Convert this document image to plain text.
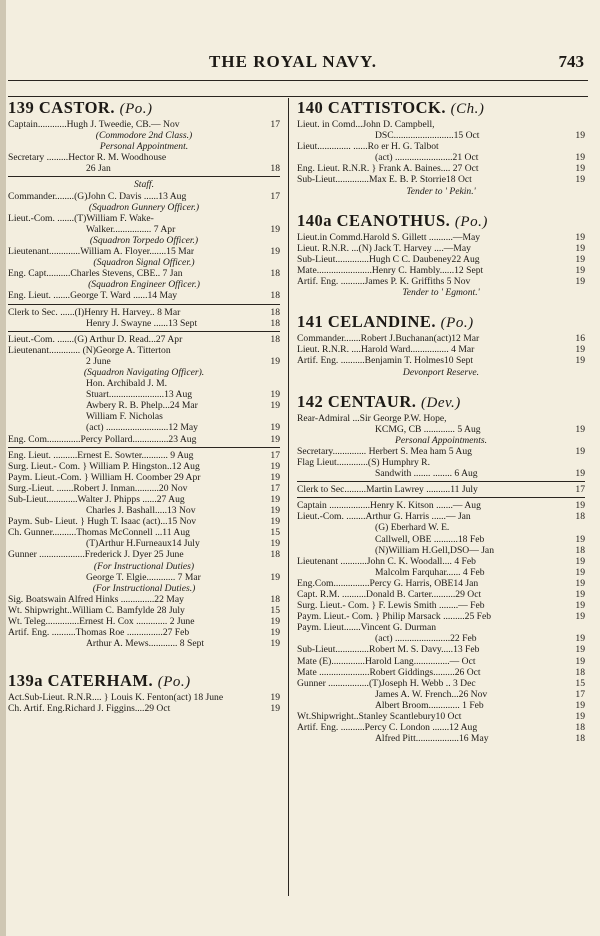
THE ROYAL NAVY.	743
139 CASTOR. (Po.)
17
Captain............Hugh J. Tweedie, CB.— Nov
(Commodore 2nd Class.)
Personal Appointment.
Secretary .........Hector R. M. Woodhouse
18
26 Jan
Staff.
17
Commander........(G)John C. Davis ......13 Aug
(Squadron Gunnery Officer.)
Lieut.-Com. .......(T)William F. Wake-
19
Walker................ 7 Apr
(Squadron Torpedo Officer.)
19
Lieutenant.............William A. Floyer.......15 Mar
(Squadron Signal Officer.)
18
Eng. Capt..........Charles Stevens, CBE.. 7 Jan
(Squadron Engineer Officer.)
18
Eng. Lieut. .......George T. Ward ......14 May
18
Clerk to Sec. ......(I)Henry H. Harvey.. 8 Mar
18
Henry J. Swayne ......13 Sept
18
Lieut.-Com. .......(G) Arthur D. Read...27 Apr
Lieutenant............. (N)George A. Titterton
19
2 June
(Squadron Navigating Officer).
Hon. Archibald J. M.
19
Stuart.......................13 Aug
19
Awbery R. B. Phelp...24 Mar
William F. Nicholas
19
(act) ..........................12 May
19
Eng. Com..............Percy Pollard...............23 Aug
17
Eng. Lieut. ..........Ernest E. Sowter........... 9 Aug
19
Surg. Lieut.- Com. } William P. Hingston..12 Aug
19
Paym. Lieut.-Com. } William H. Coomber 29 Apr
17
Surg.-Lieut. .......Robert J. Inman..........20 Nov
19
Sub-Lieut.............Walter J. Phipps ......27 Aug
19
Charles J. Bashall.....13 Nov
19
Paym. Sub- Lieut. } Hugh T. Isaac (act)...15 Nov
15
Ch. Gunner..........Thomas McConnell ...11 Aug
19
(T)Arthur H.Furneaux14 July
18
Gunner ...................Frederick J. Dyer 25 June
(For Instructional Duties)
19
George T. Elgie............ 7 Mar
(For Instructional Duties.)
18
Sig. Boatswain Alfred Hinks ..............22 May
15
Wt. Shipwright..William C. Bamfylde 28 July
19
Wt. Teleg..............Ernest H. Cox ............. 2 June
19
Artif. Eng. ..........Thomas Roe ...............27 Feb
19
Arthur A. Mews............ 8 Sept
139a CATERHAM. (Po.)
19
Act.Sub-Lieut. R.N.R.... } Louis K. Fenton(act) 18 June
19
Ch. Artif. Eng.Richard J. Figgins....29 Oct
140 CATTISTOCK. (Ch.)
Lieut. in Comd...John D. Campbell,
19
DSC.........................15 Oct
Lieut.............. ......Ro er H. G. Talbot
19
(act) ........................21 Oct
19
Eng. Lieut. R.N.R. } Frank A. Baines.... 27 Oct
19
Sub-Lieut..............Max E. B. P. Storrie18 Oct
Tender to ' Pekin.'
140a CEANOTHUS. (Po.)
19
Lieut.in Commd.Harold S. Gillett ..........—May
19
Lieut. R.N.R. ...(N) Jack T. Harvey ....—May
19
Sub-Lieut..............Hugh C C. Daubeney22 Aug
19
Mate.......................Henry C. Hambly......12 Sept
19
Artif. Eng. ..........James P. K. Griffiths 5 Nov
Tender to ' Egmont.'
141 CELANDINE. (Po.)
16
Commander.......Robert J.Buchanan(act)12 Mar
19
Lieut. R.N.R. ....Harold Ward................ 4 Mar
19
Artif. Eng. ..........Benjamin T. Holmes10 Sept
Devonport Reserve.
142 CENTAUR. (Dev.)
Rear-Admiral ...Sir George P.W. Hope,
19
KCMG, CB ............. 5 Aug
Personal Appointments.
19
Secretary.............. Herbert S. Mea ham 5 Aug
Flag Lieut.............(S) Humphry R.
19
Sandwith ....... ........ 6 Aug
17
Clerk to Sec.........Martin Lawrey ..........11 July
19
Captain .................Henry K. Kitson .......— Aug
18
Lieut.-Com. ........Arthur G. Harris ......— Jan
(G) Eberhard W. E.
19
Callwell, OBE ..........18 Feb
18
(N)William H.Gell,DSO— Jan
19
Lieutenant ...........John C. K. Woodall.... 4 Feb
19
Malcolm Farquhar...... 4 Feb
19
Eng.Com...............Percy G. Harris, OBE14 Jan
19
Capt. R.M. ..........Donald B. Carter..........29 Oct
19
Surg. Lieut.- Com. } F. Lewis Smith ........— Feb
19
Paym. Lieut.- Com. } Philip Marsack .........25 Feb
Paym. Lieut.......Vincent G. Durman
19
(act) .......................22 Feb
19
Sub-Lieut..............Robert M. S. Davy.....13 Feb
19
Mate (E)..............Harold Lang...............— Oct
18
Mate .....................Robert Giddings.........26 Oct
15
Gunner .................(T)Joseph H. Webb .. 3 Dec
17
James A. W. French...26 Nov
19
Albert Broom............. 1 Feb
19
Wt.Shipwright..Stanley Scantlebury10 Oct
18
Artif. Eng. ..........Percy C. London .......12 Aug
18
Alfred Pitt..................16 May
